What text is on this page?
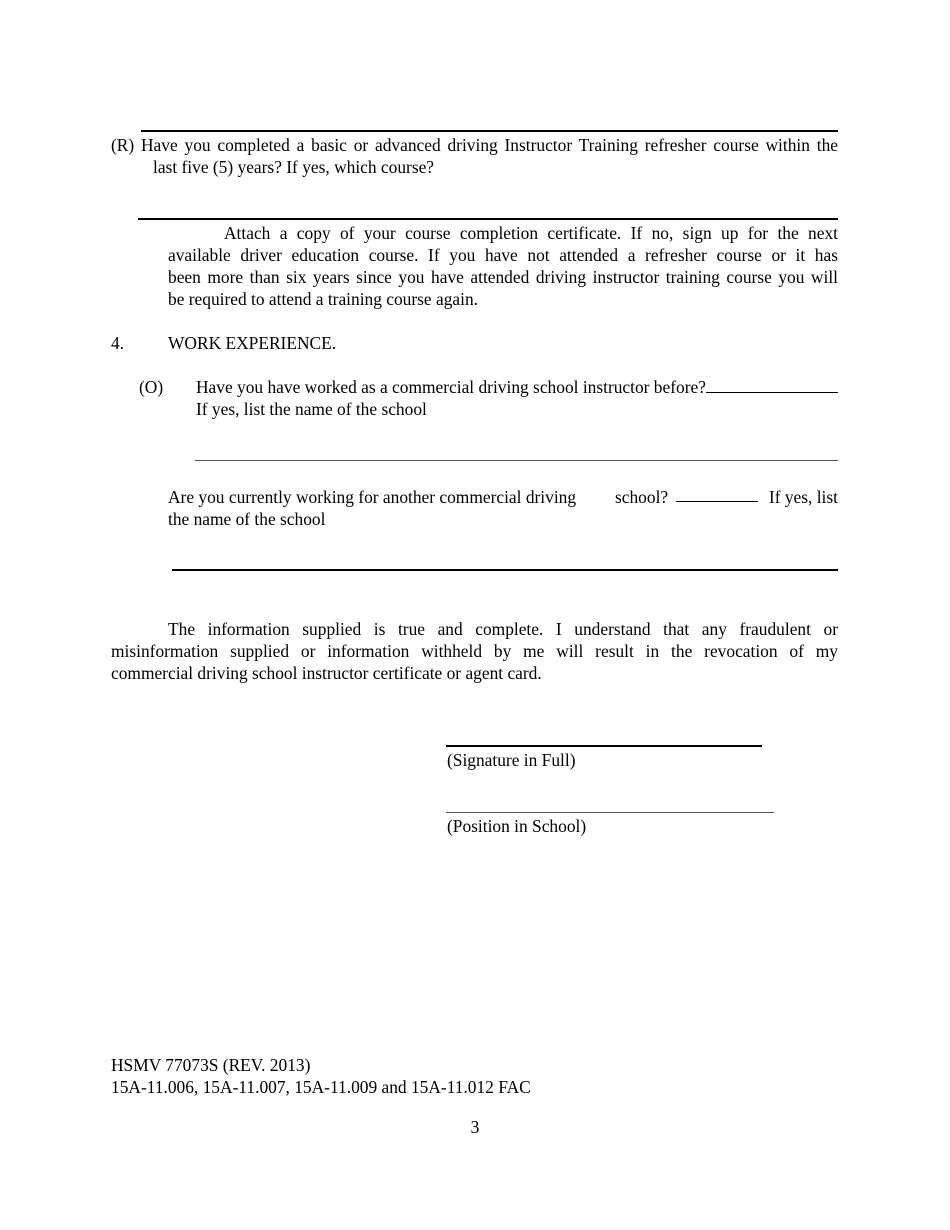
(R) Have you completed a basic or advanced driving Instructor Training refresher course within the
last five (5) years? If yes, which course?
Attach a copy of your course completion certificate. If no, sign up for the next
available driver education course. If you have not attended a refresher course or it has
been more than six years since you have attended driving instructor training course you will
be required to attend a training course again.
4.	WORK EXPERIENCE.
(O) Have you have worked as a commercial driving school instructor before?
If yes, list the name of the school
Are you currently working for another commercial driving school?	If yes, list
the name of the school
The information supplied is true and complete. I understand that any fraudulent or
misinformation supplied or information withheld by me will result in the revocation of my
commercial driving school instructor certificate or agent card.
(Signature in Full)
(Position in School)
HSMV 77073S (REV. 2013)
15A-11.006, 15A-11.007, 15A-11.009 and 15A-11.012 FAC
3
